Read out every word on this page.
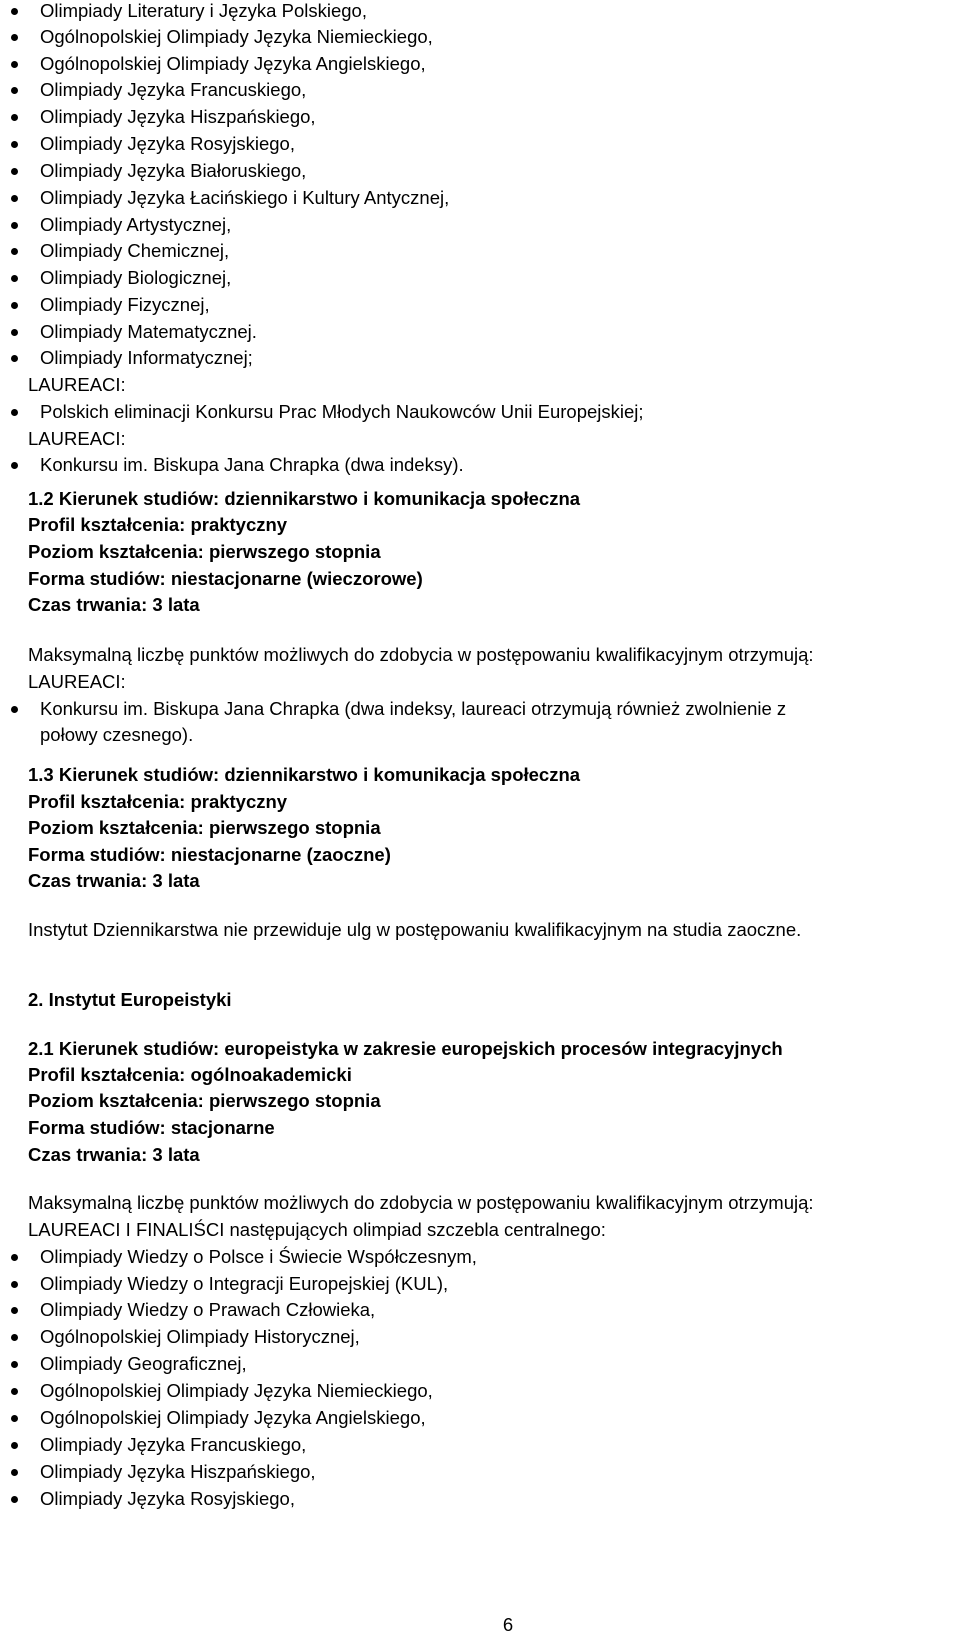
Olimpiady Literatury i Języka Polskiego,
Ogólnopolskiej Olimpiady Języka Niemieckiego,
Ogólnopolskiej Olimpiady Języka Angielskiego,
Olimpiady Języka Francuskiego,
Olimpiady Języka Hiszpańskiego,
Olimpiady Języka Rosyjskiego,
Olimpiady Języka Białoruskiego,
Olimpiady Języka Łacińskiego i Kultury Antycznej,
Olimpiady Artystycznej,
Olimpiady Chemicznej,
Olimpiady Biologicznej,
Olimpiady Fizycznej,
Olimpiady Matematycznej.
Olimpiady Informatycznej;
LAUREACI:
Polskich eliminacji Konkursu Prac Młodych Naukowców Unii Europejskiej;
LAUREACI:
Konkursu im. Biskupa Jana Chrapka (dwa indeksy).
1.2 Kierunek studiów: dziennikarstwo i komunikacja społeczna
Profil kształcenia: praktyczny
Poziom kształcenia: pierwszego stopnia
Forma studiów: niestacjonarne (wieczorowe)
Czas trwania: 3 lata
Maksymalną liczbę punktów możliwych do zdobycia w postępowaniu kwalifikacyjnym otrzymują:
LAUREACI:
Konkursu im. Biskupa Jana Chrapka (dwa indeksy, laureaci otrzymują również zwolnienie z
połowy czesnego).
1.3 Kierunek studiów: dziennikarstwo i komunikacja społeczna
Profil kształcenia: praktyczny
Poziom kształcenia: pierwszego stopnia
Forma studiów: niestacjonarne (zaoczne)
Czas trwania: 3 lata
Instytut Dziennikarstwa nie przewiduje ulg w postępowaniu kwalifikacyjnym na studia zaoczne.
2. Instytut Europeistyki
2.1 Kierunek studiów: europeistyka w zakresie europejskich procesów integracyjnych
Profil kształcenia: ogólnoakademicki
Poziom kształcenia: pierwszego stopnia
Forma studiów: stacjonarne
Czas trwania: 3 lata
Maksymalną liczbę punktów możliwych do zdobycia w postępowaniu kwalifikacyjnym otrzymują:
LAUREACI I FINALIŚCI następujących olimpiad szczebla centralnego:
Olimpiady Wiedzy o Polsce i Świecie Współczesnym,
Olimpiady Wiedzy o Integracji Europejskiej (KUL),
Olimpiady Wiedzy o Prawach Człowieka,
Ogólnopolskiej Olimpiady Historycznej,
Olimpiady Geograficznej,
Ogólnopolskiej Olimpiady Języka Niemieckiego,
Ogólnopolskiej Olimpiady Języka Angielskiego,
Olimpiady Języka Francuskiego,
Olimpiady Języka Hiszpańskiego,
Olimpiady Języka Rosyjskiego,
6
